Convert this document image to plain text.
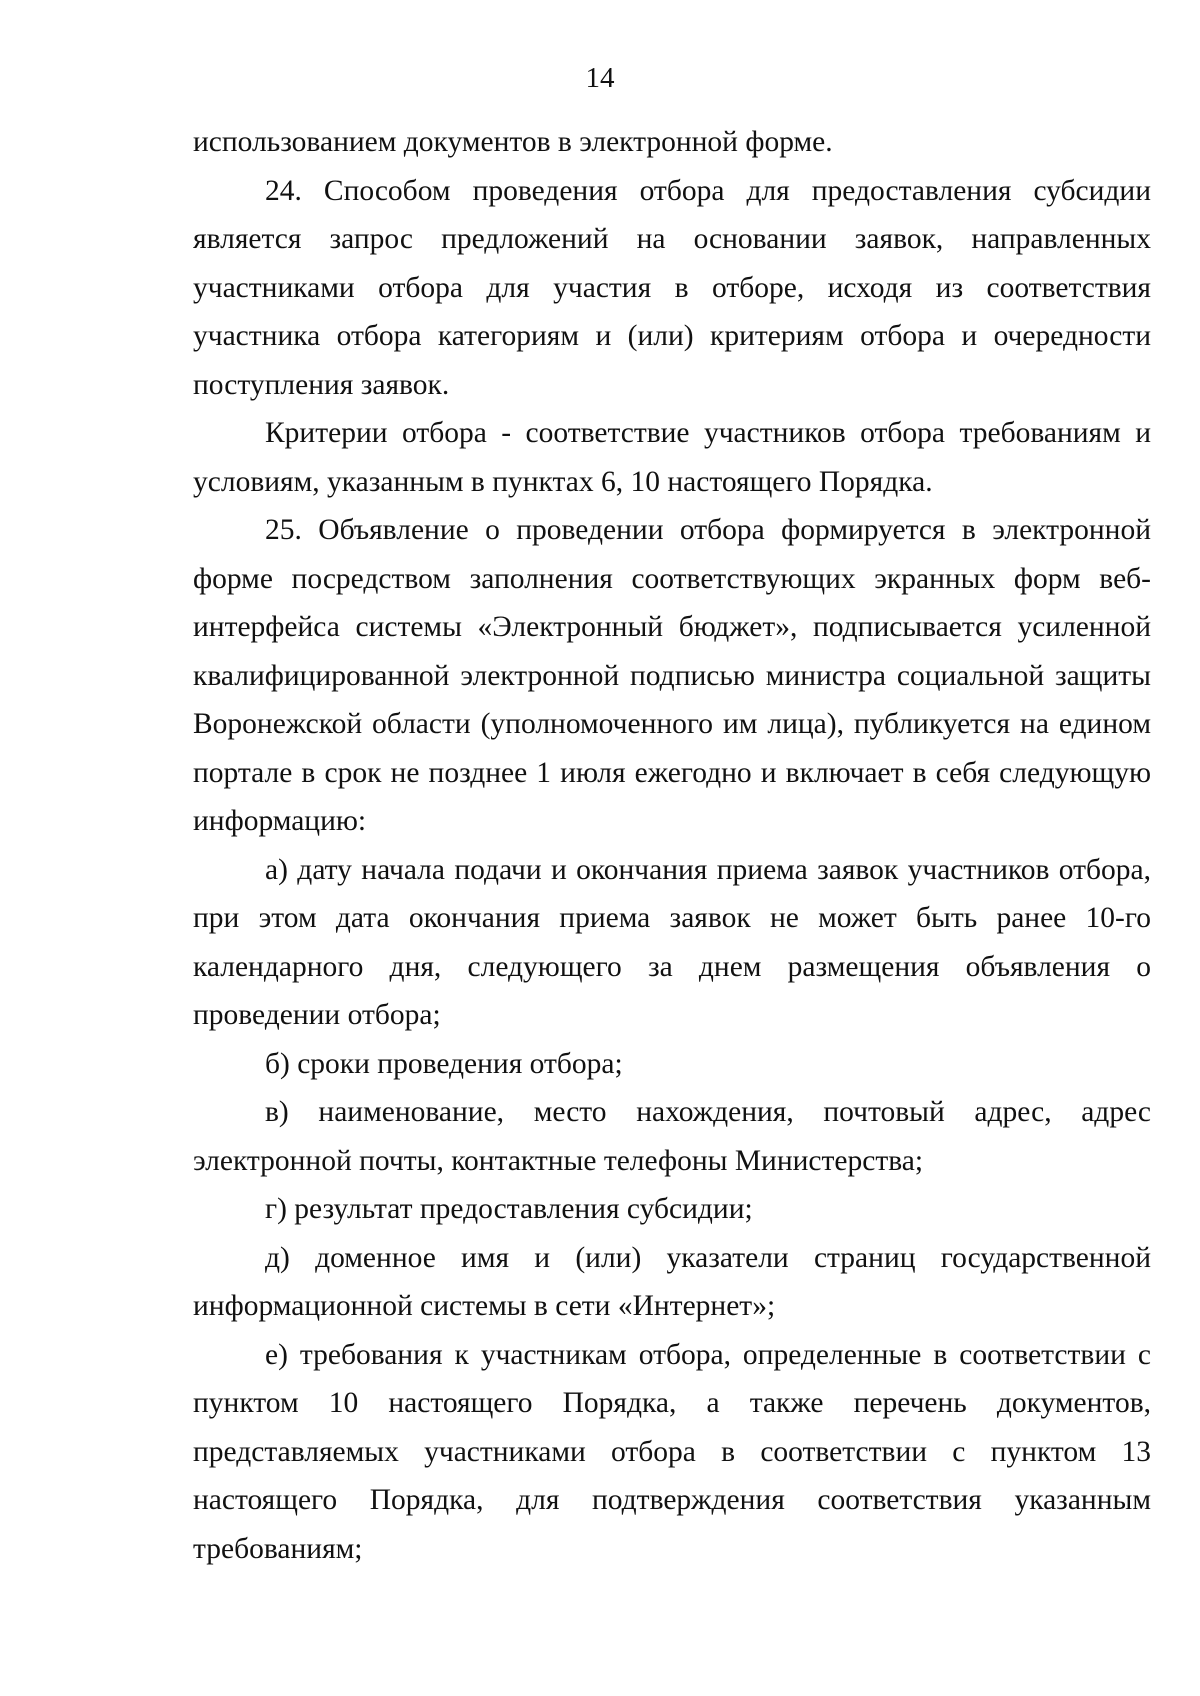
14

использованием документов в электронной форме.

24. Способом проведения отбора для предоставления субсидии является запрос предложений на основании заявок, направленных участниками отбора для участия в отборе, исходя из соответствия участника отбора категориям и (или) критериям отбора и очередности поступления заявок.

Критерии отбора - соответствие участников отбора требованиям и условиям, указанным в пунктах 6, 10 настоящего Порядка.

25. Объявление о проведении отбора формируется в электронной форме посредством заполнения соответствующих экранных форм веб-интерфейса системы «Электронный бюджет», подписывается усиленной квалифицированной электронной подписью министра социальной защиты Воронежской области (уполномоченного им лица), публикуется на едином портале в срок не позднее 1 июля ежегодно и включает в себя следующую информацию:

а) дату начала подачи и окончания приема заявок участников отбора, при этом дата окончания приема заявок не может быть ранее 10-го календарного дня, следующего за днем размещения объявления о проведении отбора;

б) сроки проведения отбора;

в) наименование, место нахождения, почтовый адрес, адрес электронной почты, контактные телефоны Министерства;

г) результат предоставления субсидии;

д) доменное имя и (или) указатели страниц государственной информационной системы в сети «Интернет»;

е) требования к участникам отбора, определенные в соответствии с пунктом 10 настоящего Порядка, а также перечень документов, представляемых участниками отбора в соответствии с пунктом 13 настоящего Порядка, для подтверждения соответствия указанным требованиям;
